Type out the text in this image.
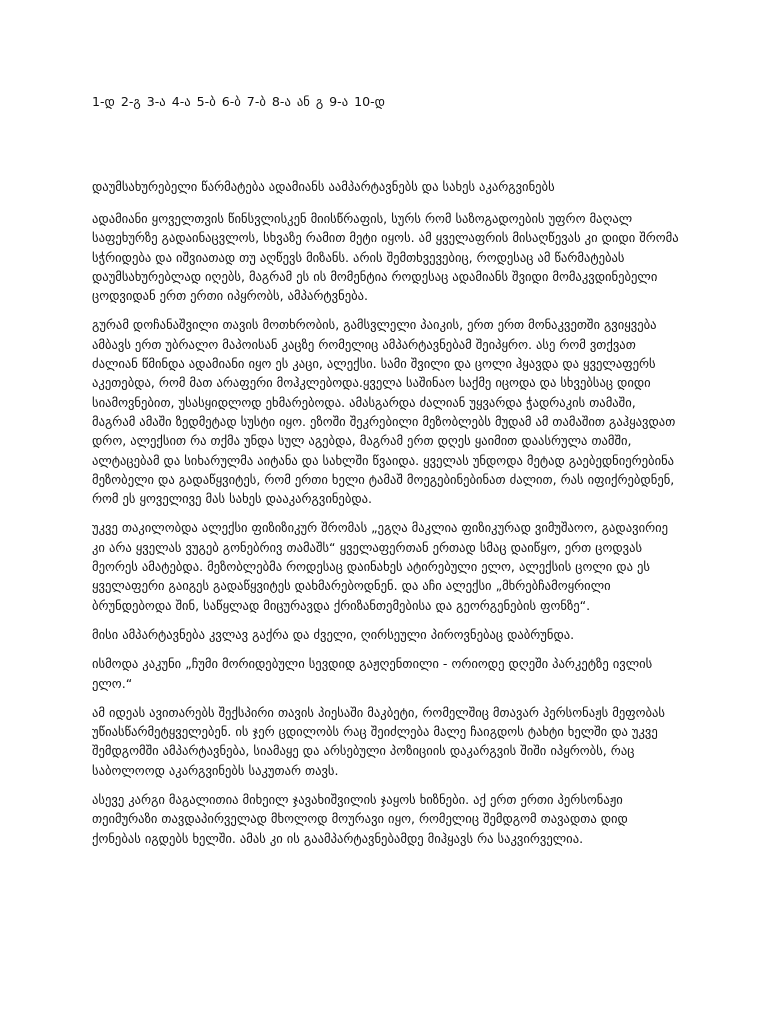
1-დ 2-გ 3-ა 4-ა 5-ბ 6-ბ 7-ბ 8-ა ან გ 9-ა 10-დ

დაუმსახურებელი წარმატება ადამიანს აამპარტავნებს და სახეს აკარგვინებს

ადამიანი ყოველთვის წინსვლისკენ მიისწრაფის, სურს რომ საზოგადოების უფრო მაღალ საფეხურზე გადაინაცვლოს, სხვაზე რამით მეტი იყოს. ამ ყველაფრის მისაღწევას კი დიდი შრომა სჭრიდება და იშვიათად თუ აღწევს მიზანს. არის შემთხვევებიც, როდესაც ამ წარმატებას დაუმსახურებლად იღებს, მაგრამ ეს ის მომენტია როდესაც ადამიანს შვიდი მომაკვდინებელი ცოდვიდან ერთ ერთი იპყრობს, ამპარტვნება.

გურამ დოჩანაშვილი თავის მოთხრობის, გამსვლელი პაიკის, ერთ ერთ მონაკვეთში გვიყვება ამბავს ერთ უბრალო მაპოისან კაცზე რომელიც ამპარტავნებამ შეიპყრო. ასე რომ ვთქვათ ძალიან წმინდა ადამიანი იყო ეს კაცი, ალექსი. სამი შვილი და ცოლი ჰყავდა და ყველაფერს აკეთებდა, რომ მათ არაფერი მოჰკლებოდა.ყველა საშინაო საქმე იცოდა და სხვებსაც დიდი სიამოვნებით, უსასყიდლოდ ეხმარებოდა. ამასგარდა ძალიან უყვარდა ჭადრაკის თამაში, მაგრამ ამაში ზედმეტად სუსტი იყო. ეზოში შეკრებილი მეზობლებს მუდამ ამ თამაშით გაჰყავდათ დრო, ალექსით რა თქმა უნდა სულ აგებდა, მაგრამ ერთ დღეს ყაიმით დაასრულა თამში, ალტაცებამ და სიხარულმა აიტანა და სახლში წვაიდა. ყველას უნდოდა მეტად გაებედნიერებინა მეზობელი და გადაწყვიტეს, რომ ერთი ხელი ტამაშ მოეგებინებინათ ძალით, რას იფიქრებდნენ, რომ ეს ყოველივე მას სახეს დააკარგვინებდა.

უკვე თაკილობდა ალექსი ფიზიზიკურ შრომას „ეგღა მაკლია ფიზიკურად ვიმუშაოო, გადავირიე კი არა ყველას ვუგებ გონებრივ თამაშს“ ყველაფერთან ერთად სმაც დაიწყო, ერთ ცოდვას მეორეს ამატებდა. მეზობლებმა როდესაც დაინახეს ატირებული ელო, ალექსის ცოლი და ეს ყველაფერი გაიგეს გადაწყვიტეს დახმარებოდნენ. და აჩი ალექსი „მხრებჩამოყრილი ბრუნდებოდა შინ, საწყლად მიცურავდა ქრიზანთემებისა და გეორგენების ფონზე“.

მისი ამპარტავნება კვლავ გაქრა და ძველი, ღირსეული პიროვნებაც დაბრუნდა.

ისმოდა კაკუნი „ჩუმი მორიდებული სევდიდ გაჟღენთილი - ორიოდე დღეში პარკეტზე ივლის ელო.“

ამ იდეას ავითარებს შექსპირი თავის პიესაში მაკბეტი, რომელშიც მთავარ პერსონაჟს მეფობას უწიასწარმეტყველებენ. ის ჯერ ცდილობს რაც შეიძლება მალე ჩაიგდოს ტახტი ხელში და უკვე შემდგომში ამპარტავნება, სიამაყე და არსებული პოზიციის დაკარგვის შიში იპყრობს, რაც საბოლოოდ აკარგვინებს საკუთარ თავს.

ასევე კარგი მაგალითია მიხეილ ჯავახიშვილის ჯაყოს ხიზნები. აქ ერთ ერთი პერსონაჟი თეიმურაზი თავდაპირველად მხოლოდ მოურავი იყო, რომელიც შემდგომ თავადთა დიდ ქონებას იგდებს ხელში. ამას კი ის გაამპარტავნებამდე მიჰყავს რა საკვირველია.
